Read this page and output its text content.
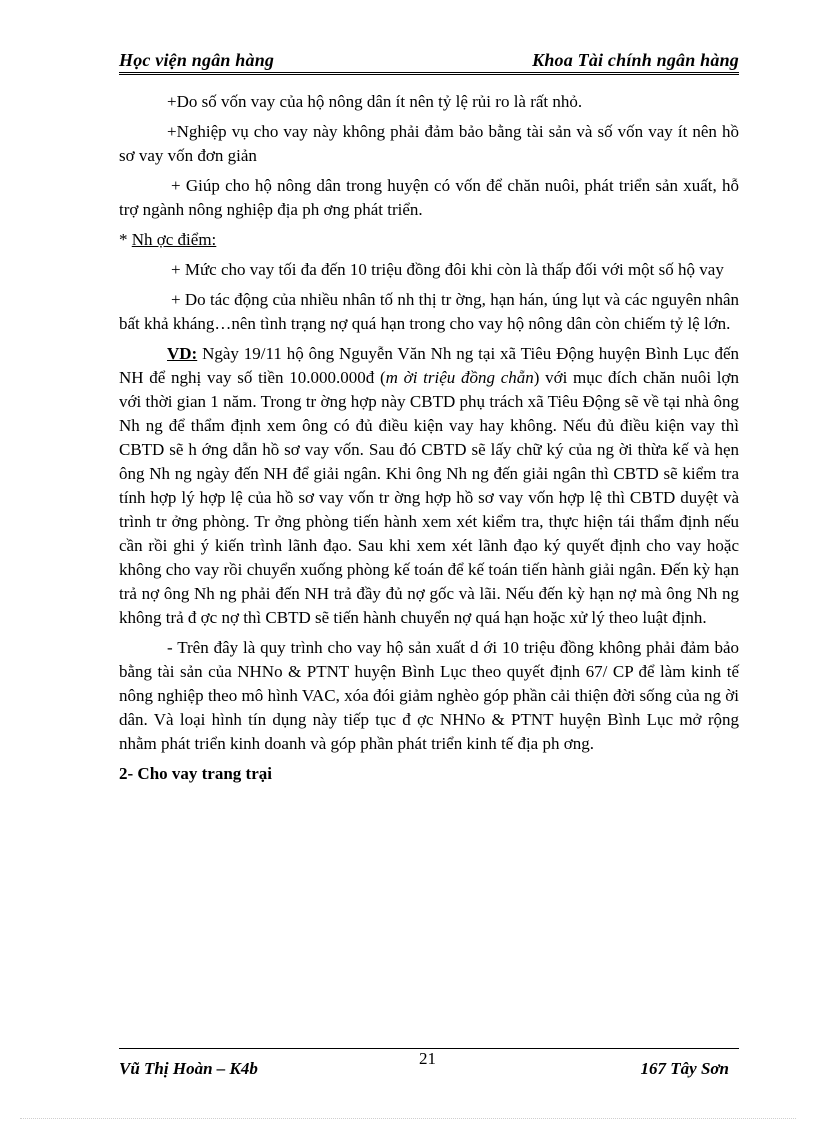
Học viện ngân hàng	Khoa Tài chính ngân hàng

+Do số vốn vay của hộ nông dân ít nên tỷ lệ rủi ro là rất nhỏ.

+Nghiệp vụ cho vay này không phải đảm bảo bằng tài sản và số vốn vay ít nên hồ sơ vay vốn đơn giản

+ Giúp cho hộ nông dân trong huyện có vốn để chăn nuôi, phát triển sản xuất, hỗ trợ ngành nông nghiệp địa ph ơng phát triển.

* Nh ợc điểm:

+ Mức cho vay tối đa đến 10 triệu đồng đôi khi còn là thấp đối với một số hộ vay

+ Do tác động của nhiều nhân tố nh thị tr ờng, hạn hán, úng lụt và các nguyên nhân bất khả kháng…nên tình trạng nợ quá hạn trong cho vay hộ nông dân còn chiếm tỷ lệ lớn.

VD: Ngày 19/11 hộ ông Nguyễn Văn Nh ng tại xã Tiêu Động huyện Bình Lục đến NH để nghị vay số tiền 10.000.000đ (m ời triệu đồng chẵn) với mục đích chăn nuôi lợn với thời gian 1 năm. Trong tr ờng hợp này CBTD phụ trách xã Tiêu Động sẽ về tại nhà ông Nh ng để thẩm định xem ông có đủ điều kiện vay hay không. Nếu đủ điều kiện vay thì CBTD sẽ h ớng dẫn hồ sơ vay vốn. Sau đó CBTD sẽ lấy chữ ký của ng ời thừa kế và hẹn ông Nh ng ngày đến NH để giải ngân. Khi ông Nh ng đến giải ngân thì CBTD sẽ kiểm tra tính hợp lý hợp lệ của hồ sơ vay vốn tr ờng hợp hồ sơ vay vốn hợp lệ thì CBTD duyệt và trình tr ởng phòng. Tr ởng phòng tiến hành xem xét kiểm tra, thực hiện tái thẩm định nếu cần rồi ghi ý kiến trình lãnh đạo. Sau khi xem xét lãnh đạo ký quyết định cho vay hoặc không cho vay rồi chuyển xuống phòng kế toán để kế toán tiến hành giải ngân. Đến kỳ hạn trả nợ ông Nh ng phải đến NH trả đầy đủ nợ gốc và lãi. Nếu đến kỳ hạn nợ mà ông Nh ng không trả đ ợc nợ thì CBTD sẽ tiến hành chuyển nợ quá hạn hoặc xử lý theo luật định.

- Trên đây là quy trình cho vay hộ sản xuất d ới 10 triệu đồng không phải đảm bảo bằng tài sản của NHNo & PTNT huyện Bình Lục theo quyết định 67/ CP để làm kinh tế nông nghiệp theo mô hình VAC, xóa đói giảm nghèo góp phần cải thiện đời sống của ng ời dân. Và loại hình tín dụng này tiếp tục đ ợc NHNo & PTNT huyện Bình Lục mở rộng nhằm phát triển kinh doanh và góp phần phát triển kinh tế địa ph ơng.

2- Cho vay trang trại

Vũ Thị Hoàn – K4b
21
167 Tây Sơn
